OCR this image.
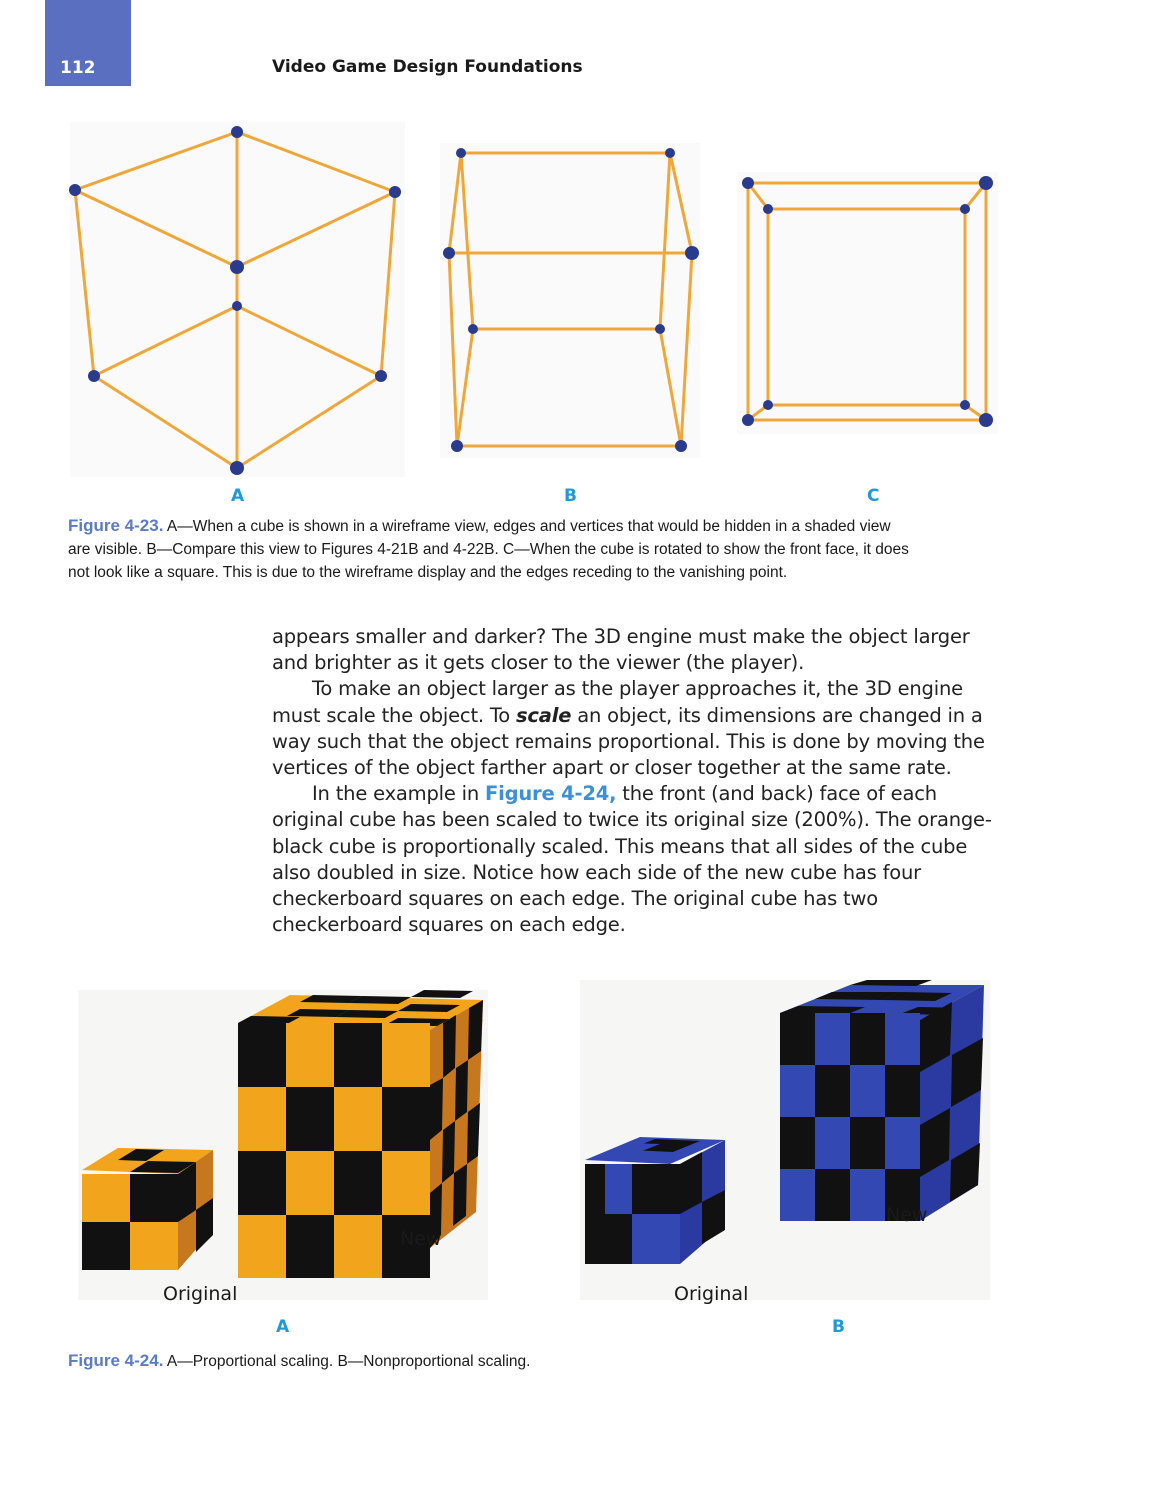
112	Video Game Design Foundations
A	B	C
Figure 4-23. A—When a cube is shown in a wireframe view, edges and vertices that would be hidden in a shaded view
are visible. B—Compare this view to Figures 4-21B and 4-22B. C—When the cube is rotated to show the front face, it does
not look like a square. This is due to the wireframe display and the edges receding to the vanishing point.

appears smaller and darker? The 3D engine must make the object larger and brighter as it gets closer to the viewer (the player).

To make an object larger as the player approaches it, the 3D engine must scale the object. To scale an object, its dimensions are changed in a way such that the object remains proportional. This is done by moving the vertices of the object farther apart or closer together at the same rate.

In the example in Figure 4-24, the front (and back) face of each original cube has been scaled to twice its original size (200%). The orange-black cube is proportionally scaled. This means that all sides of the cube also doubled in size. Notice how each side of the new cube has four checkerboard squares on each edge. The original cube has two checkerboard squares on each edge.

New
Original
New
Original
A	B
Figure 4-24. A—Proportional scaling. B—Nonproportional scaling.
